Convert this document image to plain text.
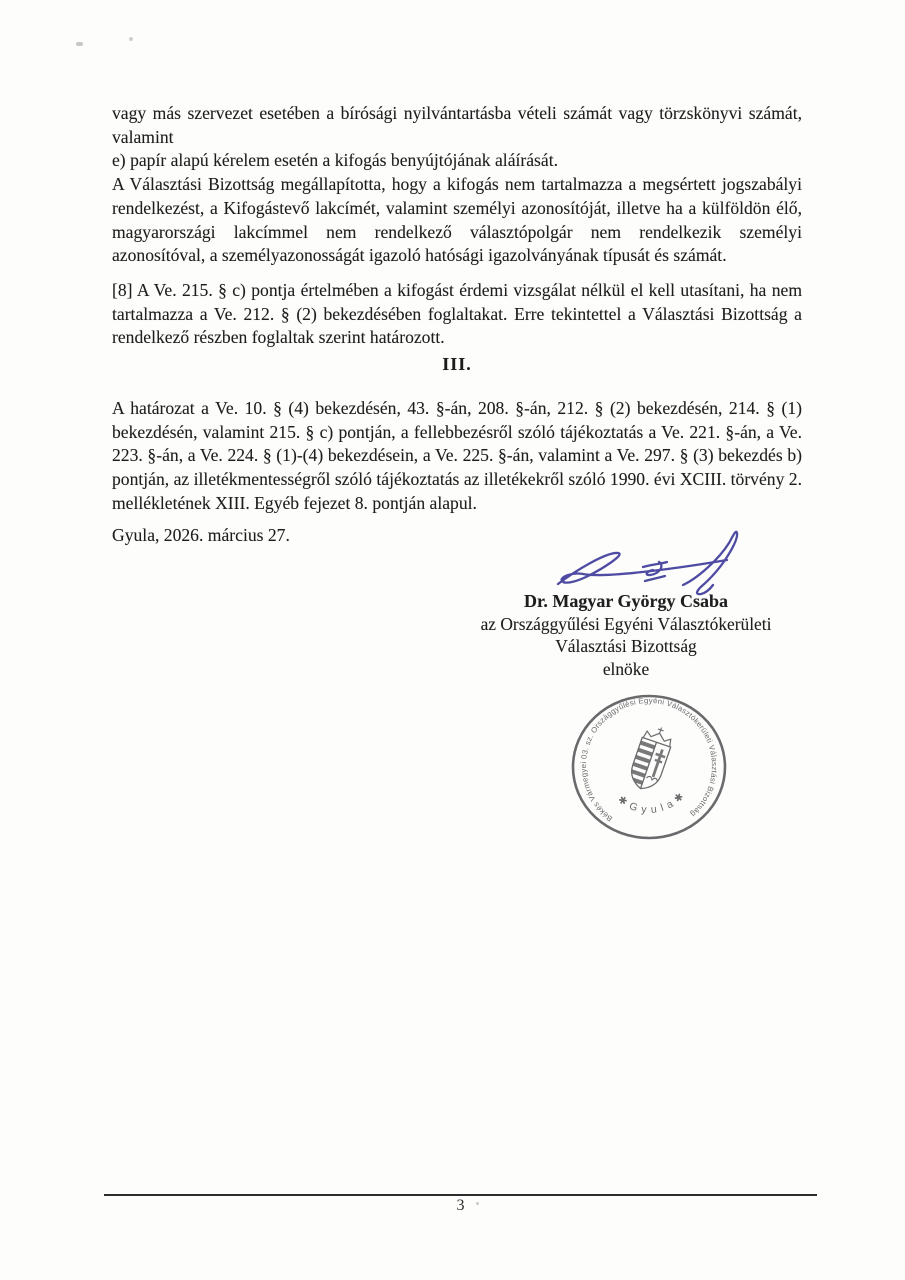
vagy más szervezet esetében a bírósági nyilvántartásba vételi számát vagy törzskönyvi számát, valamint

e) papír alapú kérelem esetén a kifogás benyújtójának aláírását.

A Választási Bizottság megállapította, hogy a kifogás nem tartalmazza a megsértett jogszabályi rendelkezést, a Kifogástevő lakcímét, valamint személyi azonosítóját, illetve ha a külföldön élő, magyarországi lakcímmel nem rendelkező választópolgár nem rendelkezik személyi azonosítóval, a személyazonosságát igazoló hatósági igazolványának típusát és számát.

[8] A Ve. 215. § c) pontja értelmében a kifogást érdemi vizsgálat nélkül el kell utasítani, ha nem tartalmazza a Ve. 212. § (2) bekezdésében foglaltakat. Erre tekintettel a Választási Bizottság a rendelkező részben foglaltak szerint határozott.
III.
A határozat a Ve. 10. § (4) bekezdésén, 43. §-án, 208. §-án, 212. § (2) bekezdésén, 214. § (1) bekezdésén, valamint 215. § c) pontján, a fellebbezésről szóló tájékoztatás a Ve. 221. §-án, a Ve. 223. §-án, a Ve. 224. § (1)-(4) bekezdésein, a Ve. 225. §-án, valamint a Ve. 297. § (3) bekezdés b) pontján, az illetékmentességről szóló tájékoztatás az illetékekről szóló 1990. évi XCIII. törvény 2. mellékletének XIII. Egyéb fejezet 8. pontján alapul.
Gyula, 2026. március 27.
Dr. Magyar György Csaba
az Országgyűlési Egyéni Választókerületi
Választási Bizottság
elnöke
Békés Vármegyei 03. sz. Országgyűlési Egyéni Választókerületi Választási Bizottság
✱ G y u l a ✱
3
